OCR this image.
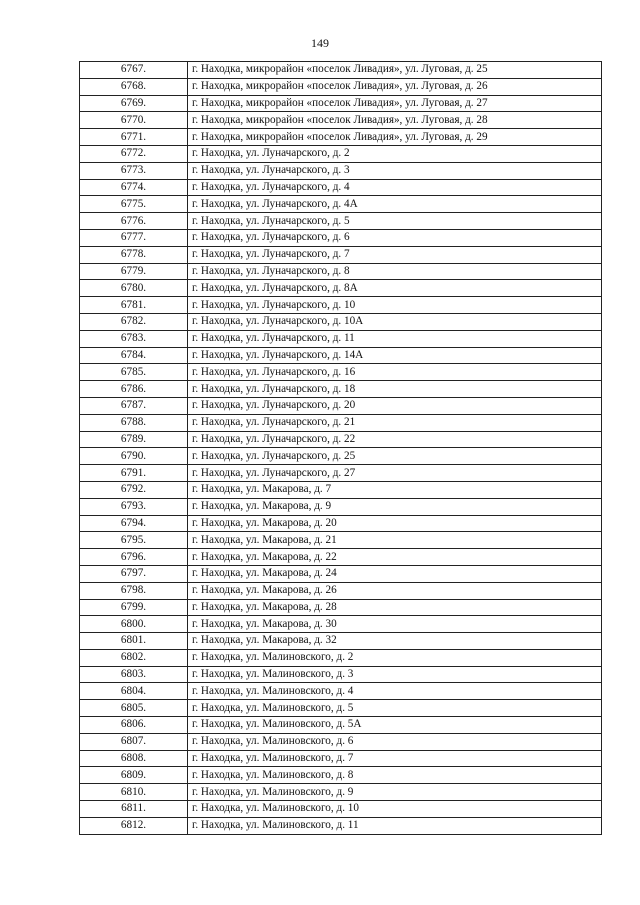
149
6767.	г. Находка, микрорайон «поселок Ливадия», ул. Луговая, д. 25
6768.	г. Находка, микрорайон «поселок Ливадия», ул. Луговая, д. 26
6769.	г. Находка, микрорайон «поселок Ливадия», ул. Луговая, д. 27
6770.	г. Находка, микрорайон «поселок Ливадия», ул. Луговая, д. 28
6771.	г. Находка, микрорайон «поселок Ливадия», ул. Луговая, д. 29
6772.	г. Находка, ул. Луначарского, д. 2
6773.	г. Находка, ул. Луначарского, д. 3
6774.	г. Находка, ул. Луначарского, д. 4
6775.	г. Находка, ул. Луначарского, д. 4А
6776.	г. Находка, ул. Луначарского, д. 5
6777.	г. Находка, ул. Луначарского, д. 6
6778.	г. Находка, ул. Луначарского, д. 7
6779.	г. Находка, ул. Луначарского, д. 8
6780.	г. Находка, ул. Луначарского, д. 8А
6781.	г. Находка, ул. Луначарского, д. 10
6782.	г. Находка, ул. Луначарского, д. 10А
6783.	г. Находка, ул. Луначарского, д. 11
6784.	г. Находка, ул. Луначарского, д. 14А
6785.	г. Находка, ул. Луначарского, д. 16
6786.	г. Находка, ул. Луначарского, д. 18
6787.	г. Находка, ул. Луначарского, д. 20
6788.	г. Находка, ул. Луначарского, д. 21
6789.	г. Находка, ул. Луначарского, д. 22
6790.	г. Находка, ул. Луначарского, д. 25
6791.	г. Находка, ул. Луначарского, д. 27
6792.	г. Находка, ул. Макарова, д. 7
6793.	г. Находка, ул. Макарова, д. 9
6794.	г. Находка, ул. Макарова, д. 20
6795.	г. Находка, ул. Макарова, д. 21
6796.	г. Находка, ул. Макарова, д. 22
6797.	г. Находка, ул. Макарова, д. 24
6798.	г. Находка, ул. Макарова, д. 26
6799.	г. Находка, ул. Макарова, д. 28
6800.	г. Находка, ул. Макарова, д. 30
6801.	г. Находка, ул. Макарова, д. 32
6802.	г. Находка, ул. Малиновского, д. 2
6803.	г. Находка, ул. Малиновского, д. 3
6804.	г. Находка, ул. Малиновского, д. 4
6805.	г. Находка, ул. Малиновского, д. 5
6806.	г. Находка, ул. Малиновского, д. 5А
6807.	г. Находка, ул. Малиновского, д. 6
6808.	г. Находка, ул. Малиновского, д. 7
6809.	г. Находка, ул. Малиновского, д. 8
6810.	г. Находка, ул. Малиновского, д. 9
6811.	г. Находка, ул. Малиновского, д. 10
6812.	г. Находка, ул. Малиновского, д. 11
